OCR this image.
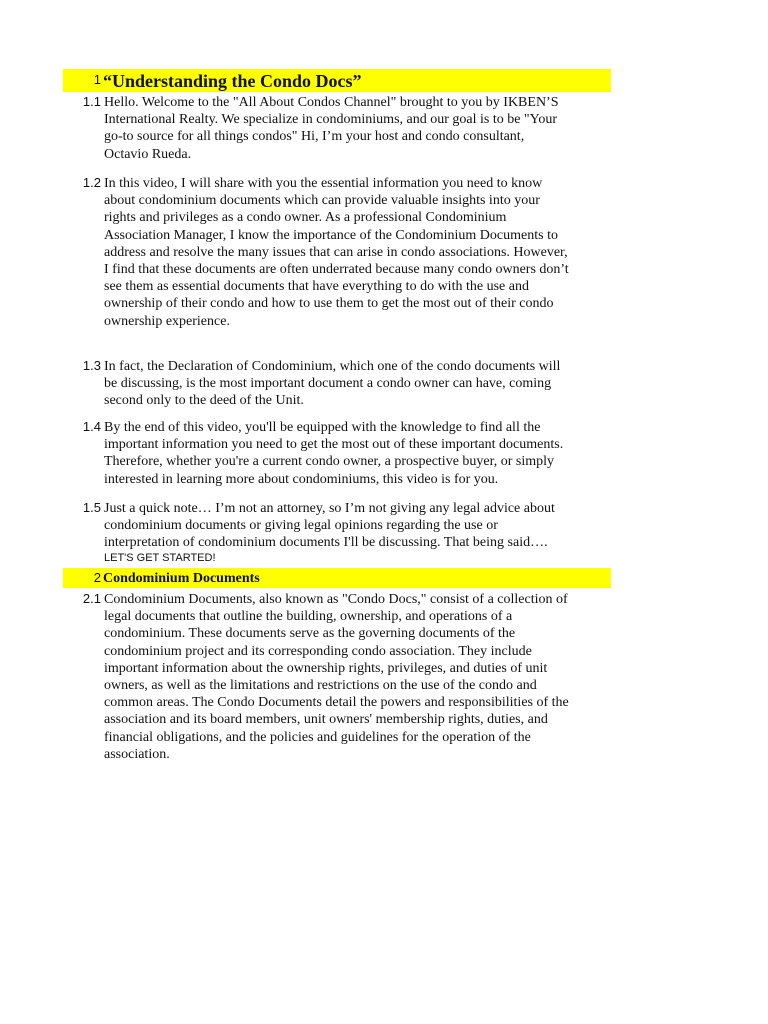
1 “Understanding the Condo Docs”
1.1 Hello. Welcome to the "All About Condos Channel" brought to you by IKBEN’S
International Realty. We specialize in condominiums, and our goal is to be "Your
go-to source for all things condos" Hi, I’m your host and condo consultant,
Octavio Rueda.
1.2 In this video, I will share with you the essential information you need to know
about condominium documents which can provide valuable insights into your
rights and privileges as a condo owner. As a professional Condominium
Association Manager, I know the importance of the Condominium Documents to
address and resolve the many issues that can arise in condo associations. However,
I find that these documents are often underrated because many condo owners don’t
see them as essential documents that have everything to do with the use and
ownership of their condo and how to use them to get the most out of their condo
ownership experience.
1.3 In fact, the Declaration of Condominium, which one of the condo documents will
be discussing, is the most important document a condo owner can have, coming
second only to the deed of the Unit.
1.4 By the end of this video, you'll be equipped with the knowledge to find all the
important information you need to get the most out of these important documents.
Therefore, whether you're a current condo owner, a prospective buyer, or simply
interested in learning more about condominiums, this video is for you.
1.5 Just a quick note… I’m not an attorney, so I’m not giving any legal advice about
condominium documents or giving legal opinions regarding the use or
interpretation of condominium documents I'll be discussing. That being said….
LET'S GET STARTED!
2 Condominium Documents
2.1 Condominium Documents, also known as "Condo Docs," consist of a collection of
legal documents that outline the building, ownership, and operations of a
condominium. These documents serve as the governing documents of the
condominium project and its corresponding condo association. They include
important information about the ownership rights, privileges, and duties of unit
owners, as well as the limitations and restrictions on the use of the condo and
common areas. The Condo Documents detail the powers and responsibilities of the
association and its board members, unit owners' membership rights, duties, and
financial obligations, and the policies and guidelines for the operation of the
association.
